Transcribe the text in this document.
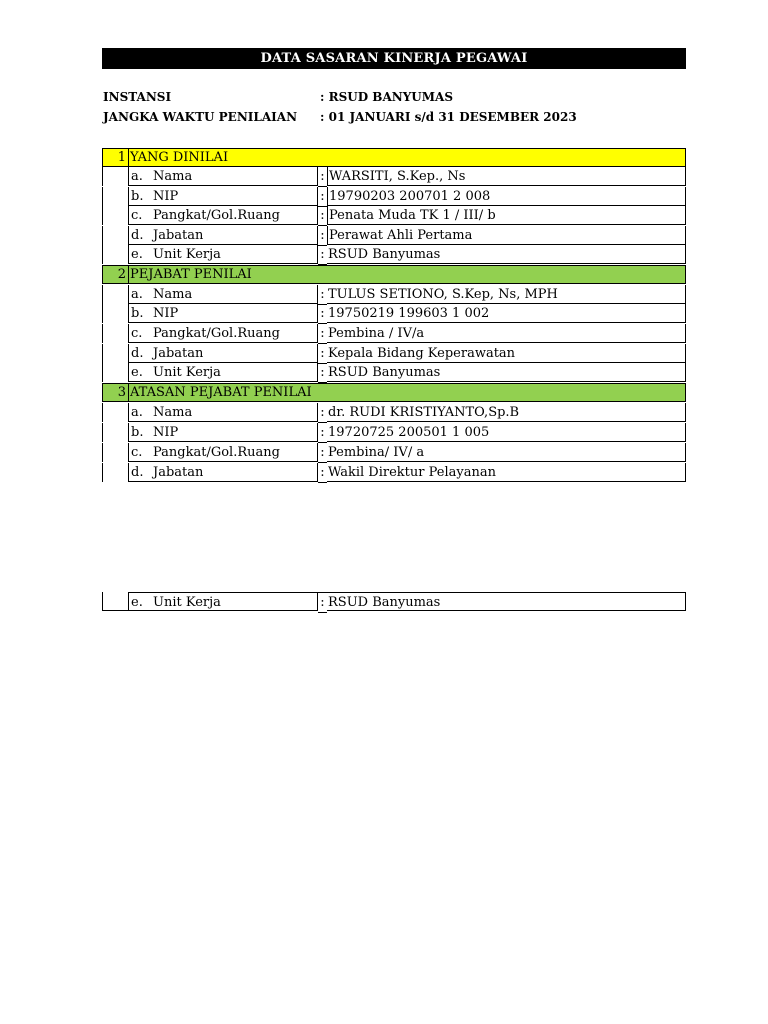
DATA SASARAN KINERJA PEGAWAI
INSTANSI	: RSUD BANYUMAS
JANGKA WAKTU PENILAIAN : 01 JANUARI s/d 31 DESEMBER 2023
1 YANG DINILAI
a. Nama	: WARSITI, S.Kep., Ns
b. NIP	: 19790203 200701 2 008
c. Pangkat/Gol.Ruang	: Penata Muda TK 1 / III/ b
d. Jabatan	: Perawat Ahli Pertama
e. Unit Kerja	: RSUD Banyumas
2 PEJABAT PENILAI
a. Nama	: TULUS SETIONO, S.Kep, Ns, MPH
b. NIP	: 19750219 199603 1 002
c. Pangkat/Gol.Ruang	: Pembina / IV/a
d. Jabatan	: Kepala Bidang Keperawatan
e. Unit Kerja	: RSUD Banyumas
3 ATASAN PEJABAT PENILAI
a. Nama	: dr. RUDI KRISTIYANTO,Sp.B
b. NIP	: 19720725 200501 1 005
c. Pangkat/Gol.Ruang	: Pembina/ IV/ a
d. Jabatan	: Wakil Direktur Pelayanan
e. Unit Kerja	: RSUD Banyumas
